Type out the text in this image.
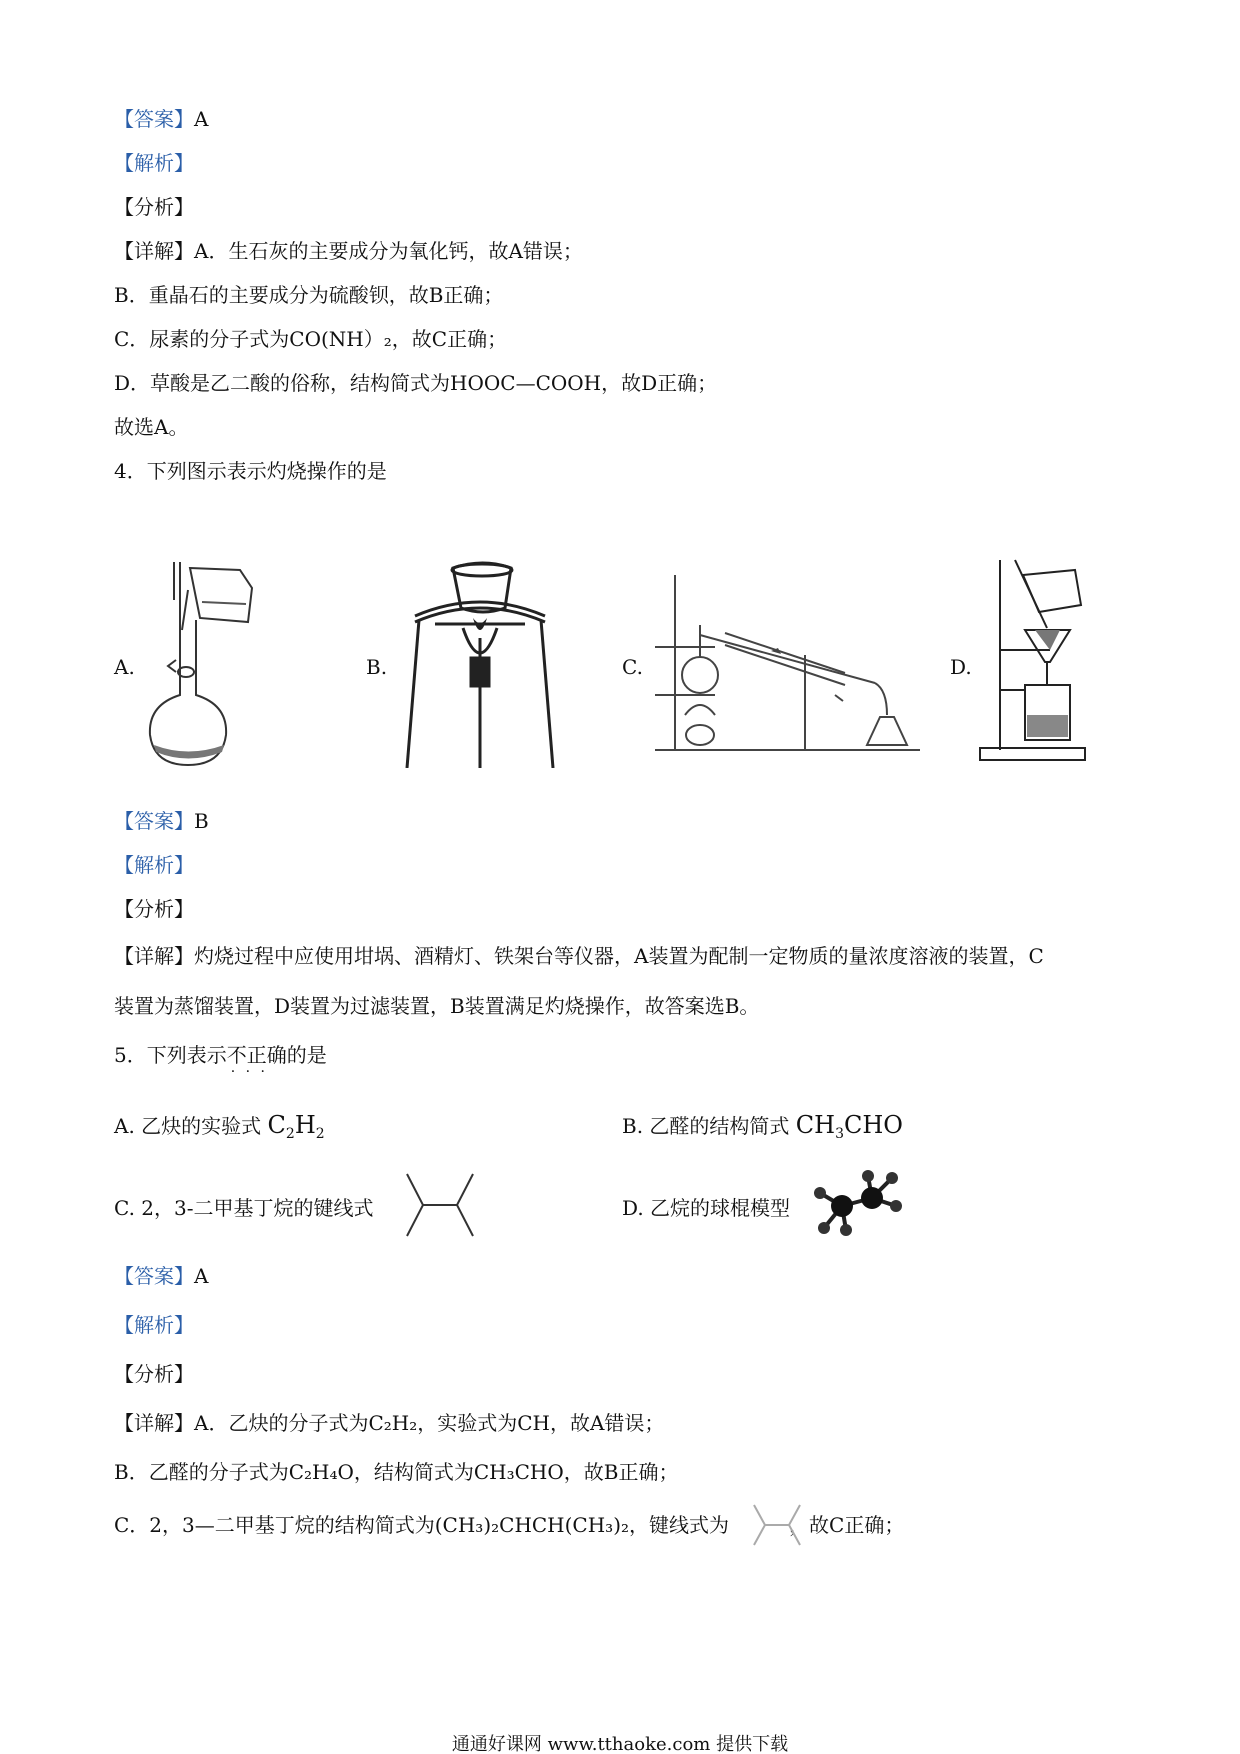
【答案】A
【解析】
【分析】
【详解】A．生石灰的主要成分为氧化钙，故A错误；
B．重晶石的主要成分为硫酸钡，故B正确；
C．尿素的分子式为CO(NH）₂，故C正确；
D．草酸是乙二酸的俗称，结构简式为HOOC—COOH，故D正确；
故选A。
4．下列图示表示灼烧操作的是
A.	B.	C.	D.
【答案】B
【解析】
【分析】
【详解】灼烧过程中应使用坩埚、酒精灯、铁架台等仪器，A装置为配制一定物质的量浓度溶液的装置，C
装置为蒸馏装置，D装置为过滤装置，B装置满足灼烧操作，故答案选B。
5．下列表示不正确 · · ·的是
A. 乙炔的实验式 $C_2H_2$	B. 乙醛的结构简式 $CH_3CHO$
C. 2，3-二甲基丁烷的键线式	D. 乙烷的球棍模型
【答案】A
【解析】
【分析】
【详解】A．乙炔的分子式为C₂H₂，实验式为CH，故A错误；
B．乙醛的分子式为C₂H₄O，结构简式为CH₃CHO，故B正确；
C．2，3—二甲基丁烷的结构简式为(CH₃)₂CHCH(CH₃)₂，键线式为	，故C正确；
通通好课网 www.tthaoke.com 提供下载
